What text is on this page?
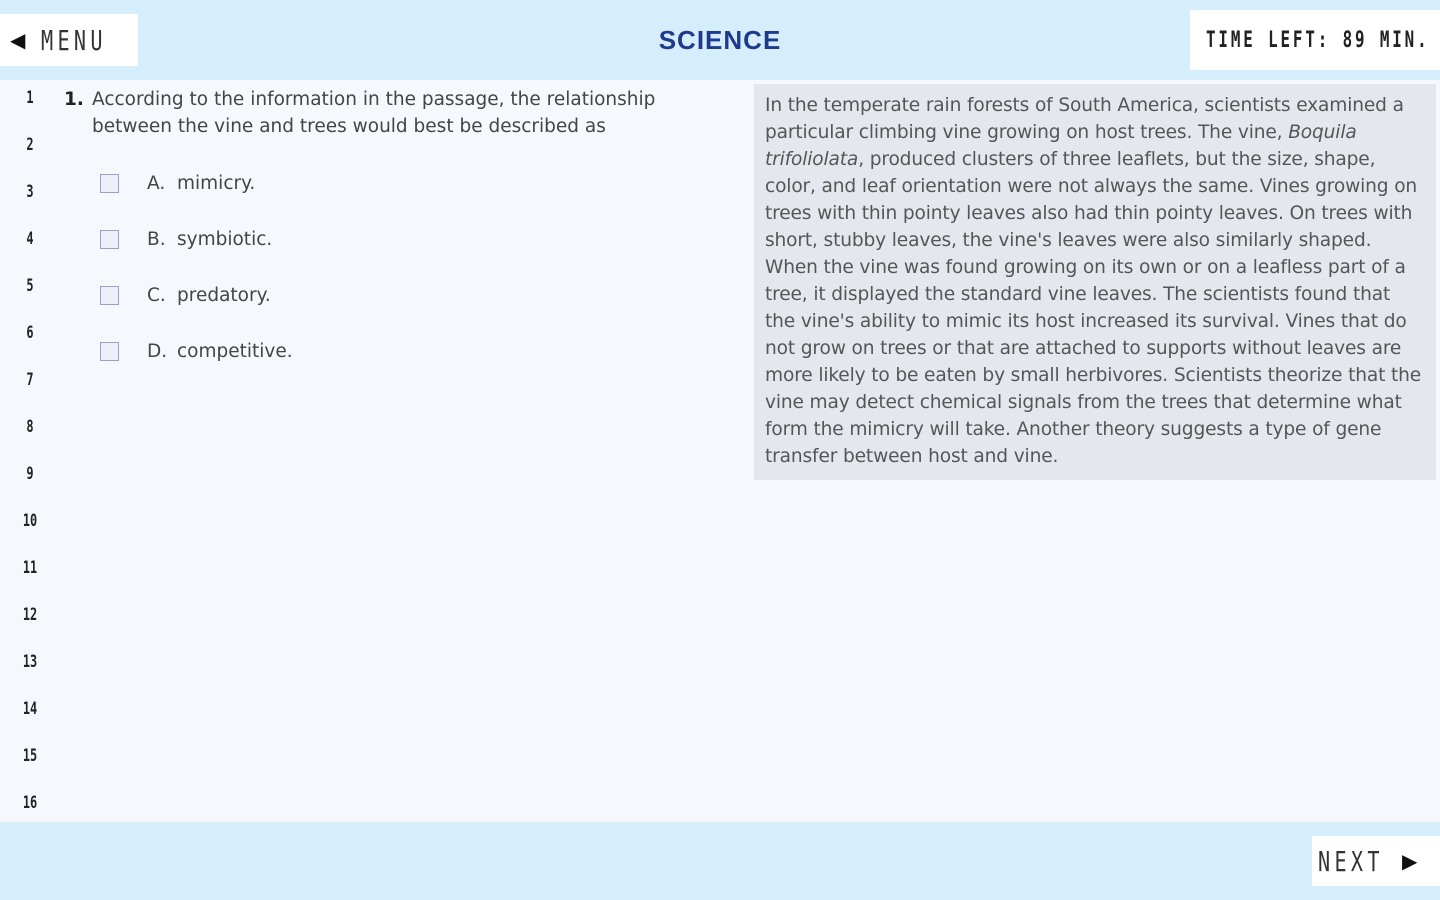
◀ MENU	SCIENCE	TIME LEFT: 89 MIN.
1
2
3
4
5
6
7
8
9
10
11
12
13
14
15
16
1. According to the information in the passage, the relationship between the vine and trees would best be described as
A. mimicry.
B. symbiotic.
C. predatory.
D. competitive.
In the temperate rain forests of South America, scientists examined a particular climbing vine growing on host trees. The vine, Boquila trifoliolata, produced clusters of three leaflets, but the size, shape, color, and leaf orientation were not always the same. Vines growing on trees with thin pointy leaves also had thin pointy leaves. On trees with short, stubby leaves, the vine's leaves were also similarly shaped. When the vine was found growing on its own or on a leafless part of a tree, it displayed the standard vine leaves. The scientists found that the vine's ability to mimic its host increased its survival. Vines that do not grow on trees or that are attached to supports without leaves are more likely to be eaten by small herbivores. Scientists theorize that the vine may detect chemical signals from the trees that determine what form the mimicry will take. Another theory suggests a type of gene transfer between host and vine.
NEXT ▶
